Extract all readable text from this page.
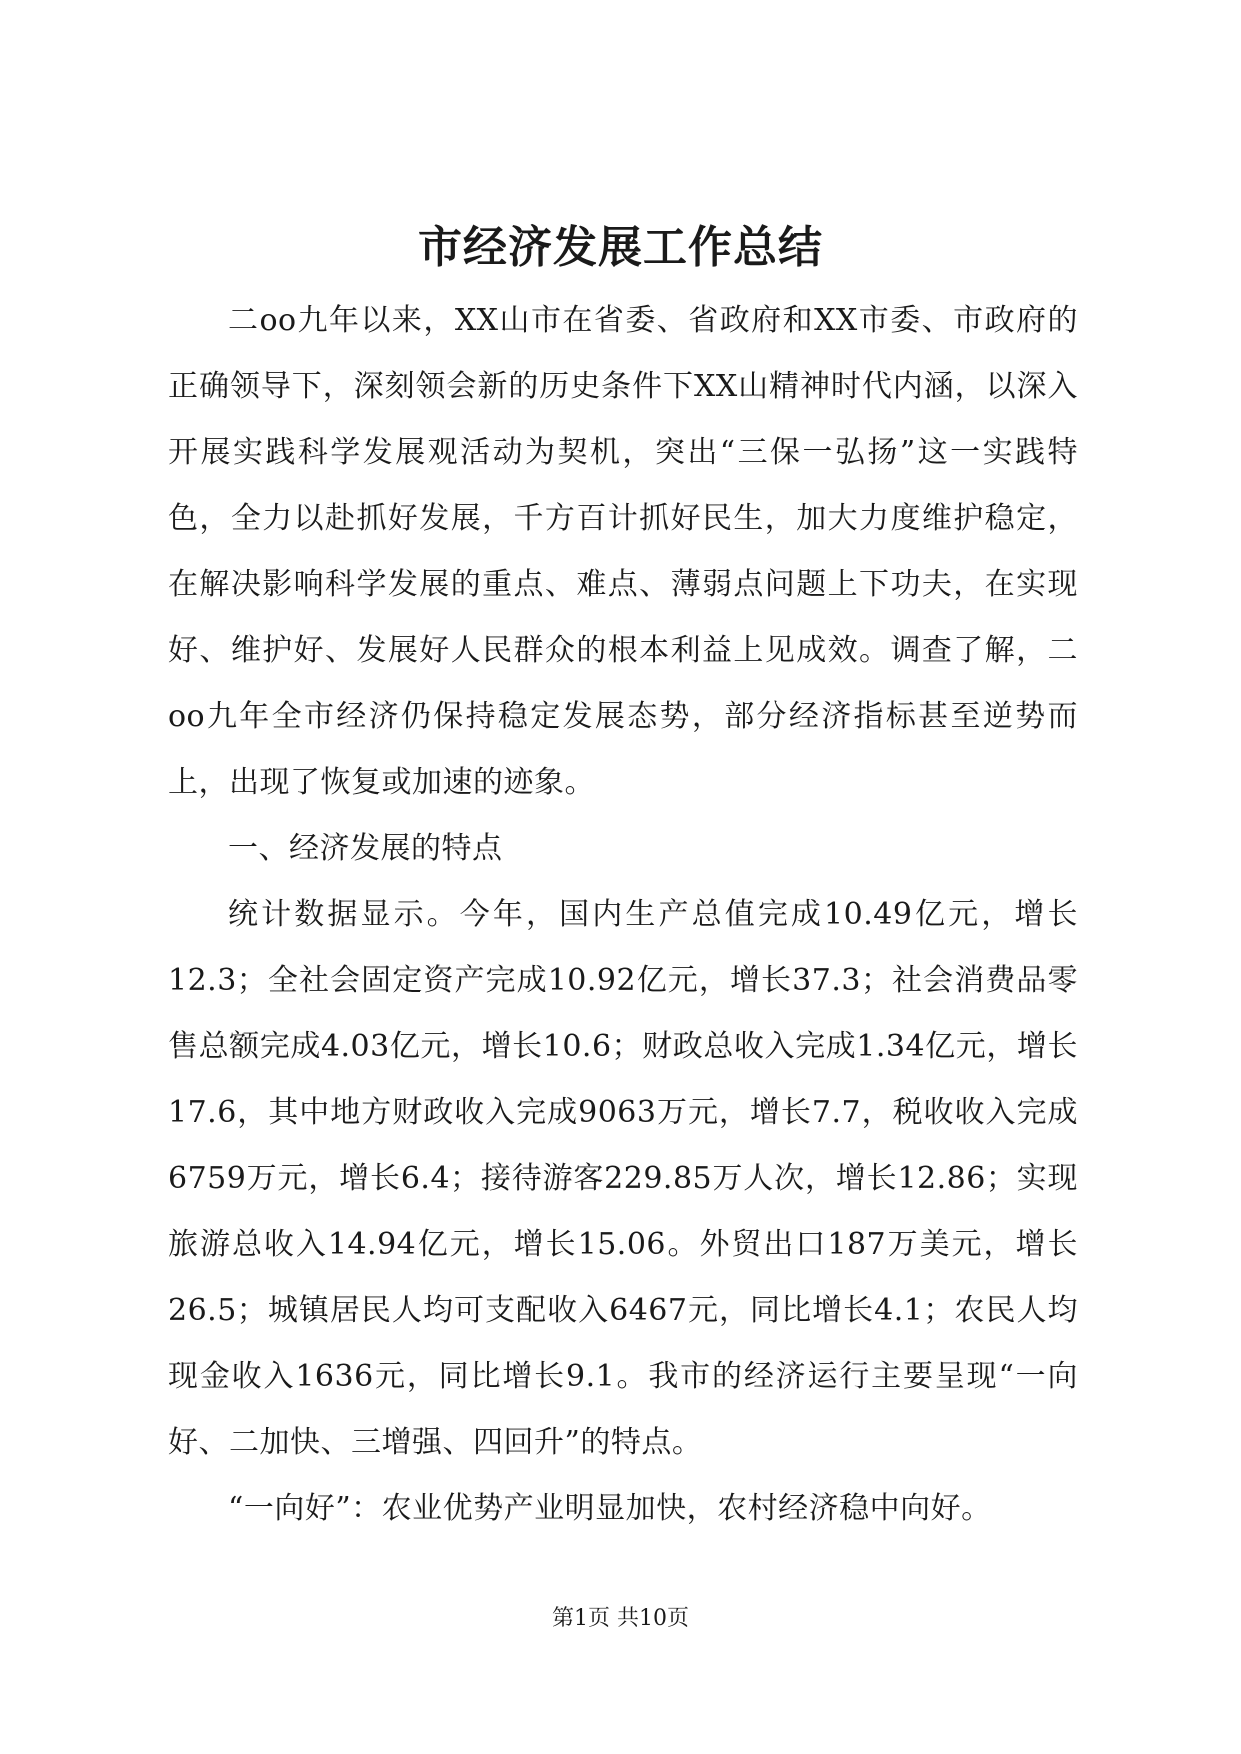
市经济发展工作总结

二oo九年以来，XX山市在省委、省政府和XX市委、市政府的正确领导下，深刻领会新的历史条件下XX山精神时代内涵，以深入开展实践科学发展观活动为契机，突出“三保一弘扬”这一实践特色，全力以赴抓好发展，千方百计抓好民生，加大力度维护稳定，在解决影响科学发展的重点、难点、薄弱点问题上下功夫，在实现好、维护好、发展好人民群众的根本利益上见成效。调查了解，二oo九年全市经济仍保持稳定发展态势，部分经济指标甚至逆势而上，出现了恢复或加速的迹象。

一、经济发展的特点

统计数据显示。今年，国内生产总值完成10.49亿元，增长12.3；全社会固定资产完成10.92亿元，增长37.3；社会消费品零售总额完成4.03亿元，增长10.6；财政总收入完成1.34亿元，增长17.6，其中地方财政收入完成9063万元，增长7.7，税收收入完成6759万元，增长6.4；接待游客229.85万人次，增长12.86；实现旅游总收入14.94亿元，增长15.06。外贸出口187万美元，增长26.5；城镇居民人均可支配收入6467元，同比增长4.1；农民人均现金收入1636元，同比增长9.1。我市的经济运行主要呈现“一向好、二加快、三增强、四回升”的特点。

“一向好”：农业优势产业明显加快，农村经济稳中向好。

第1页 共10页
